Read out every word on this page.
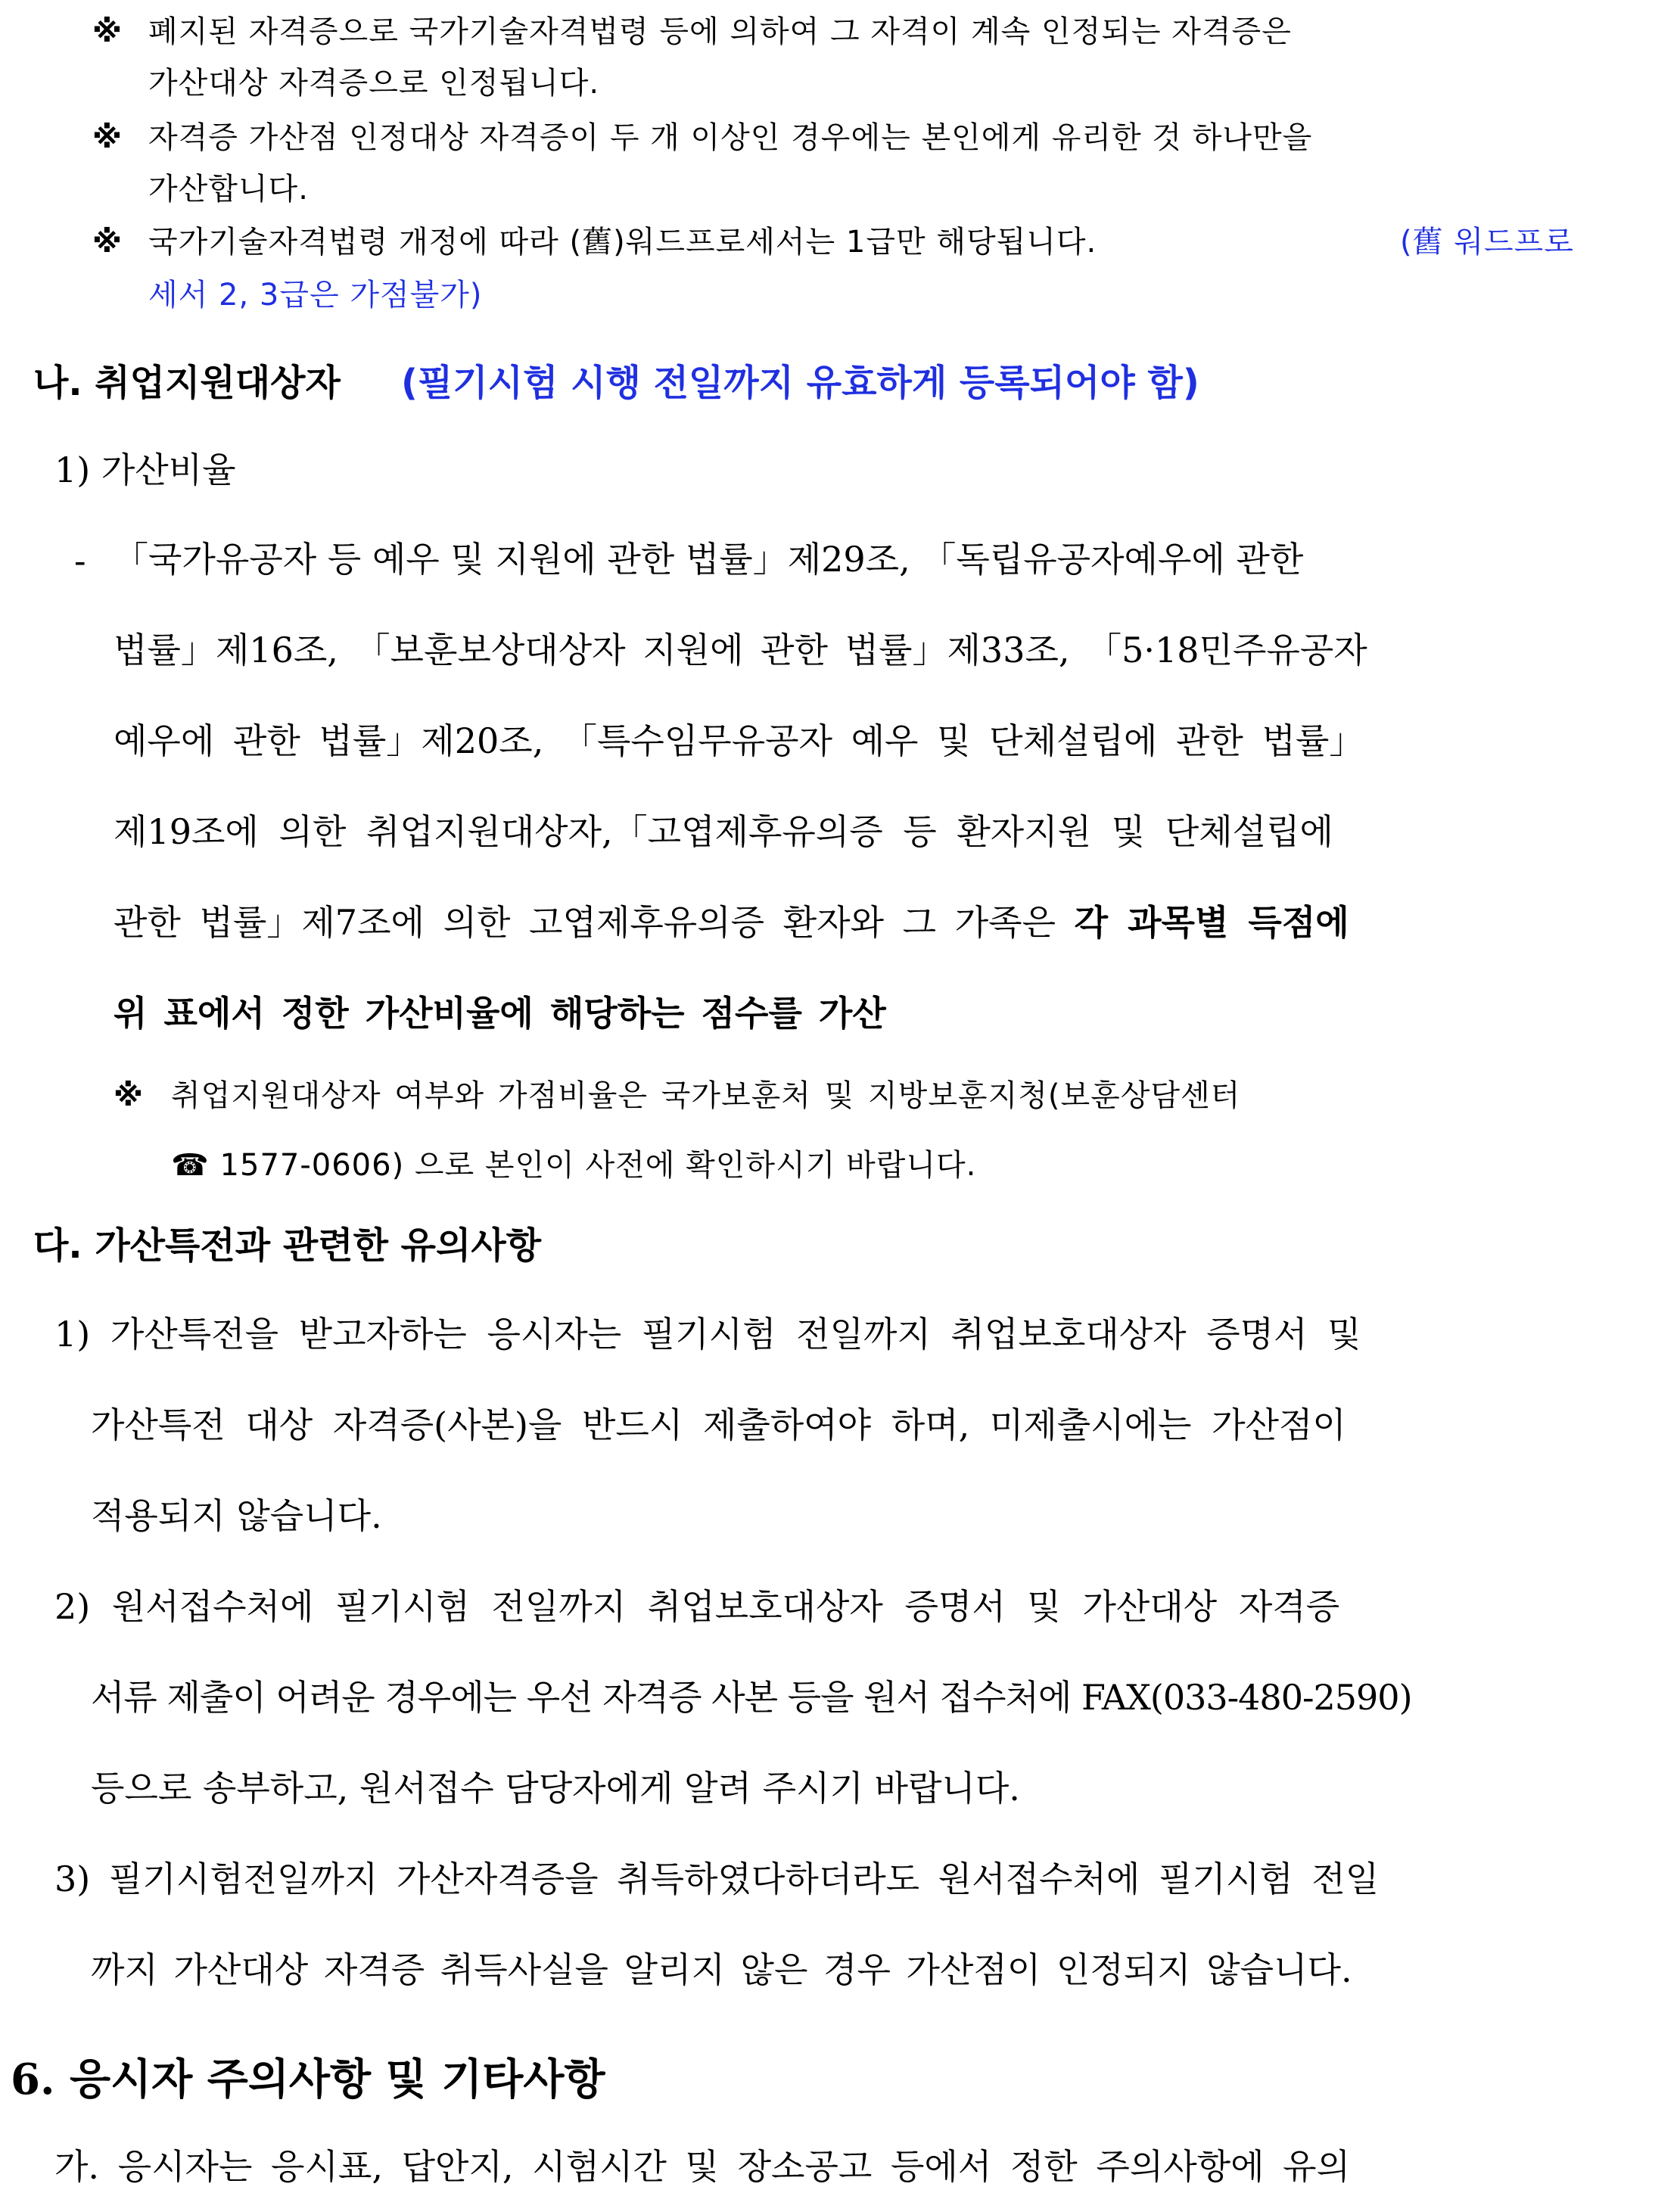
※ 폐지된 자격증으로 국가기술자격법령 등에 의하여 그 자격이 계속 인정되는 자격증은
가산대상 자격증으로 인정됩니다.
※ 자격증 가산점 인정대상 자격증이 두 개 이상인 경우에는 본인에게 유리한 것 하나만을
가산합니다.
※ 국가기술자격법령 개정에 따라 (舊)워드프로세서는 1급만 해당됩니다.	(舊 워드프로
세서 2, 3급은 가점불가)
나. 취업지원대상자 (필기시험 시행 전일까지 유효하게 등록되어야 함)
1) 가산비율
- 「국가유공자 등 예우 및 지원에 관한 법률」제29조, 「독립유공자예우에 관한
법률」제16조, 「보훈보상대상자 지원에 관한 법률」제33조, 「5·18민주유공자
예우에 관한 법률」제20조, 「특수임무유공자 예우 및 단체설립에 관한 법률」
제19조에 의한 취업지원대상자,「고엽제후유의증 등 환자지원 및 단체설립에
관한 법률」제7조에 의한 고엽제후유의증 환자와 그 가족은 각 과목별 득점에
위 표에서 정한 가산비율에 해당하는 점수를 가산
※ 취업지원대상자 여부와 가점비율은 국가보훈처 및 지방보훈지청(보훈상담센터
☎ 1577-0606) 으로 본인이 사전에 확인하시기 바랍니다.
다. 가산특전과 관련한 유의사항
1) 가산특전을 받고자하는 응시자는 필기시험 전일까지 취업보호대상자 증명서 및
가산특전 대상 자격증(사본)을 반드시 제출하여야 하며, 미제출시에는 가산점이
적용되지 않습니다.
2) 원서접수처에 필기시험 전일까지 취업보호대상자 증명서 및 가산대상 자격증
서류 제출이 어려운 경우에는 우선 자격증 사본 등을 원서 접수처에 FAX(033-480-2590)
등으로 송부하고, 원서접수 담당자에게 알려 주시기 바랍니다.
3) 필기시험전일까지 가산자격증을 취득하였다하더라도 원서접수처에 필기시험 전일
까지 가산대상 자격증 취득사실을 알리지 않은 경우 가산점이 인정되지 않습니다.
6. 응시자 주의사항 및 기타사항
가. 응시자는 응시표, 답안지, 시험시간 및 장소공고 등에서 정한 주의사항에 유의
